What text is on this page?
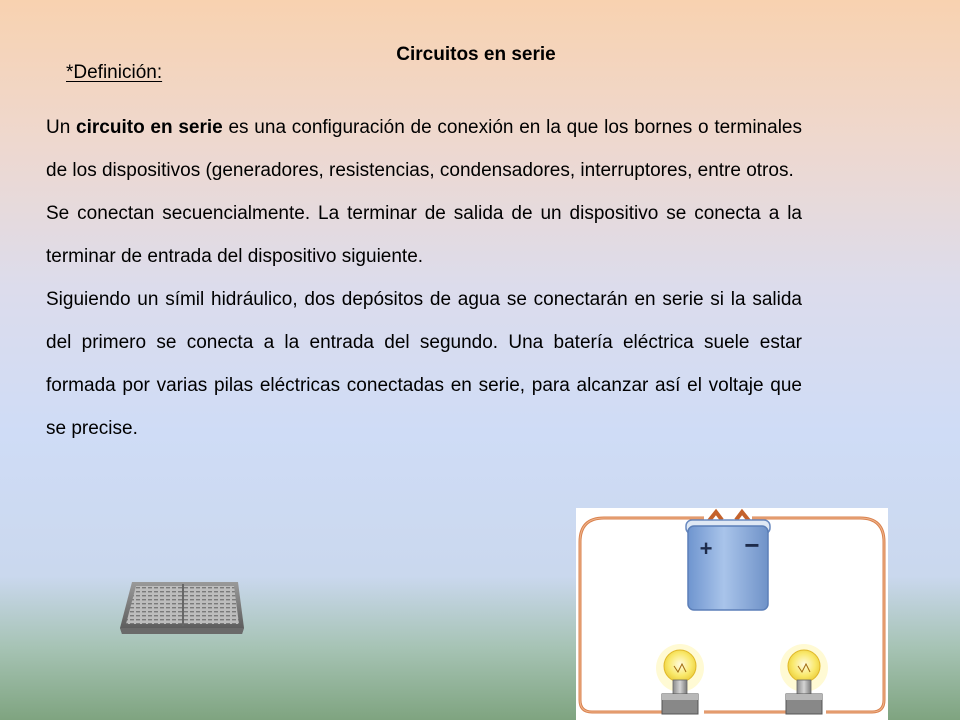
Circuitos en serie
*Definición:

Un circuito en serie es una configuración de conexión en la que los bornes o terminales de los dispositivos (generadores, resistencias, condensadores, interruptores, entre otros.

Se conectan secuencialmente. La terminar de salida de un dispositivo se conecta a la terminar de entrada del dispositivo siguiente.

Siguiendo un símil hidráulico, dos depósitos de agua se conectarán en serie si la salida del primero se conecta a la entrada del segundo. Una batería eléctrica suele estar formada por varias pilas eléctricas conectadas en serie, para alcanzar así el voltaje que se precise.

+ −
